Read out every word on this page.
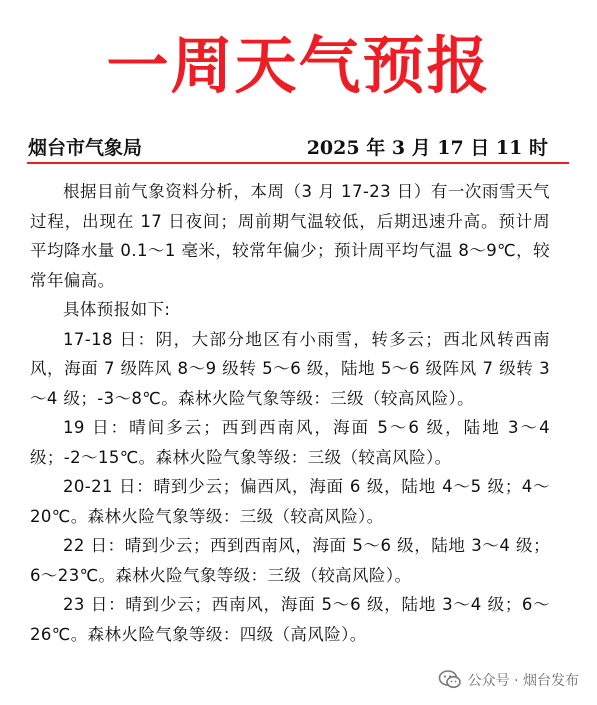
一周天气预报
烟台市气象局	2025 年 3 月 17 日 11 时

根据目前气象资料分析，本周（3 月 17-23 日）有一次雨雪天气过程，出现在 17 日夜间；周前期气温较低，后期迅速升高。预计周平均降水量 0.1～1 毫米，较常年偏少；预计周平均气温 8～9℃，较常年偏高。

具体预报如下:

17-18 日：阴，大部分地区有小雨雪，转多云；西北风转西南风，海面 7 级阵风 8～9 级转 5～6 级，陆地 5～6 级阵风 7 级转 3～4 级；-3～8℃。森林火险气象等级：三级（较高风险）。

19 日：晴间多云；西到西南风，海面 5～6 级，陆地 3～4 级；-2～15℃。森林火险气象等级：三级（较高风险）。

20-21 日：晴到少云；偏西风，海面 6 级，陆地 4～5 级；4～20℃。森林火险气象等级：三级（较高风险）。

22 日：晴到少云；西到西南风，海面 5～6 级，陆地 3～4 级；6～23℃。森林火险气象等级：三级（较高风险）。

23 日：晴到少云；西南风，海面 5～6 级，陆地 3～4 级；6～26℃。森林火险气象等级：四级（高风险）。

公众号 · 烟台发布
